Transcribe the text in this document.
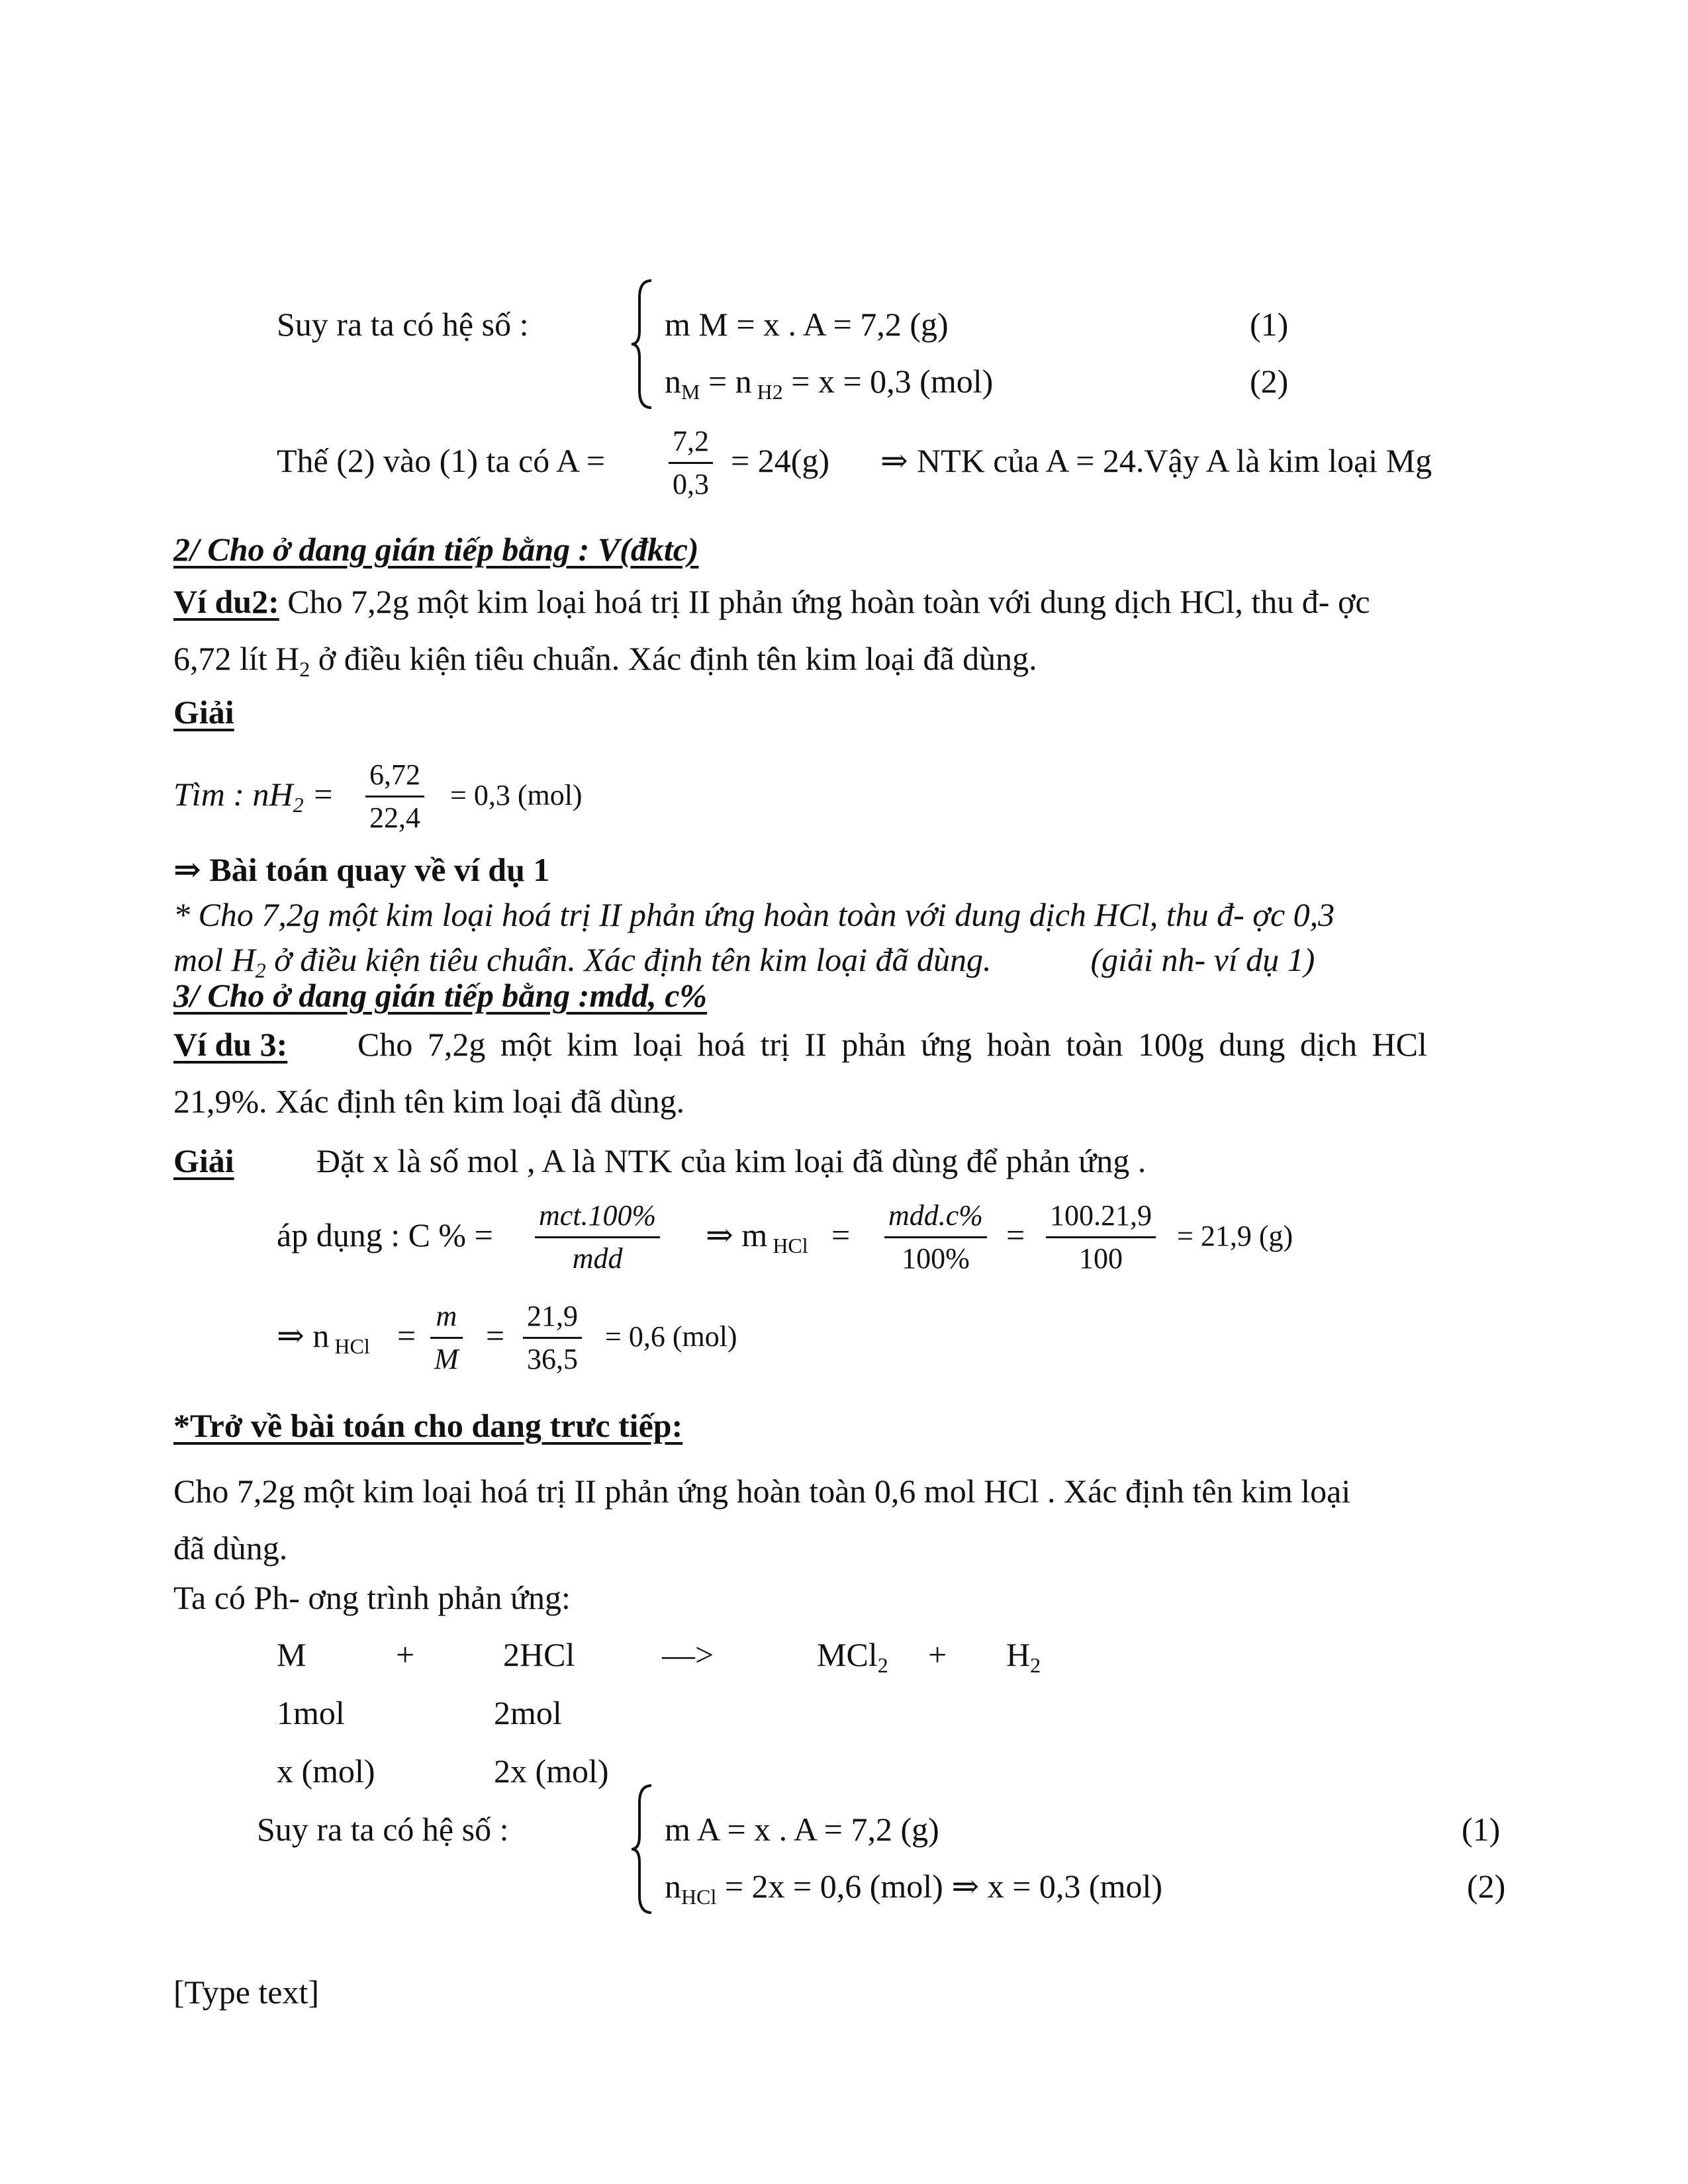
Suy ra ta có hệ số :	m M = x . A = 7,2 (g)	(1)
$n_M = n$ $_{H2}$ = x = 0,3 (mol)	(2)
Thế (2) vào (1) ta có $A = \frac{7,2}{0,3} = 24(g)$ ⇒ NTK của A = 24.Vậy A là kim loại Mg
2/ Cho ở dang gián tiếp bằng : V(đktc)
Ví du2: Cho 7,2g một kim loại hoá trị II phản ứng hoàn toàn với dung dịch HCl, thu đ- ợc
6,72 lít $H_2$ ở điều kiện tiêu chuẩn. Xác định tên kim loại đã dùng.
Giải
Tìm : $nH_2 = \frac{6,72}{22,4} = 0,3$ (mol)
⇒ Bài toán quay về ví dụ 1
* Cho 7,2g một kim loại hoá trị II phản ứng hoàn toàn với dung dịch HCl, thu đ- ợc 0,3
mol $H_2$ ở điều kiện tiêu chuẩn. Xác định tên kim loại đã dùng.	(giải nh- ví dụ 1)
3/ Cho ở dang gián tiếp bằng :mdd, c%
Ví du 3: Cho 7,2g một kim loại hoá trị II phản ứng hoàn toàn 100g dung dịch HCl
21,9%. Xác định tên kim loại đã dùng.
Giải Đặt x là số mol , A là NTK của kim loại đã dùng để phản ứng .
áp dụng : C % =
mct.100%
mdd
⇒ m $_{HCl}$ =
mdd.c%
100%
= $\frac{100.21,9}{100} = 21,9$ (g)
⇒ n $_{HCl} = \frac{m}{M} = \frac{21,9}{36,5} = 0,6$ (mol)
*Trở về bài toán cho dang trưc tiếp:
Cho 7,2g một kim loại hoá trị II phản ứng hoàn toàn 0,6 mol HCl . Xác định tên kim loại
đã dùng.
Ta có Ph- ơng trình phản ứng:
M	+	2HCl	—>	$MCl_2 + H_2$
1mol	2mol
x (mol)	2x (mol)
Suy ra ta có hệ số :	m A = x . A = 7,2 (g)	(1)
$n_{HCl} = 2x = 0,6$ (mol) ⇒ x = 0,3 (mol)	(2)
[Type text]
